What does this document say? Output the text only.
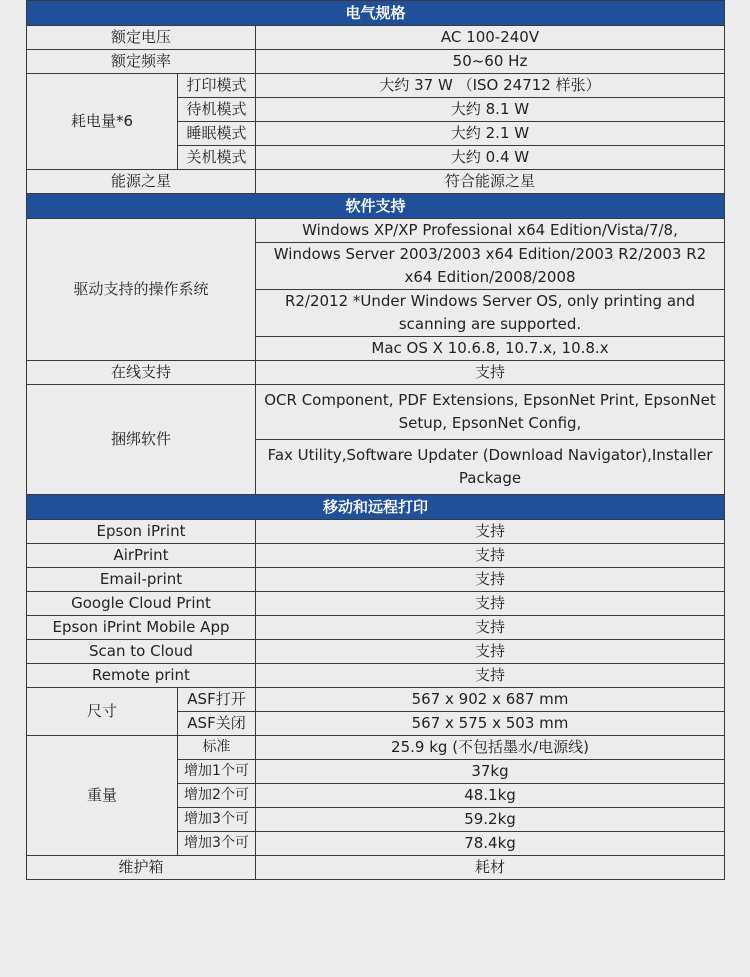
电气规格		
额定电压		AC 100-240V
额定频率		50~60 Hz
耗电量*6	打印模式	大约 37 W （ISO 24712 样张）
	待机模式	大约 8.1 W
	睡眠模式	大约 2.1 W
	关机模式	大约 0.4 W
能源之星		符合能源之星
软件支持		
驱动支持的操作系统		Windows XP/XP Professional x64 Edition/Vista/7/8,
		Windows Server 2003/2003 x64 Edition/2003 R2/2003 R2 x64 Edition/2008/2008
		R2/2012 *Under Windows Server OS, only printing and scanning are supported.
		Mac OS X 10.6.8, 10.7.x, 10.8.x
在线支持		支持
捆绑软件		OCR Component, PDF Extensions, EpsonNet Print, EpsonNet Setup, EpsonNet Config,
		Fax Utility,Software Updater (Download Navigator),Installer Package
移动和远程打印		
Epson iPrint		支持
AirPrint		支持
Email-print		支持
Google Cloud Print		支持
Epson iPrint Mobile App		支持
Scan to Cloud		支持
Remote print		支持
尺寸	ASF打开	567 x 902 x 687 mm
	ASF关闭	567 x 575 x 503 mm
重量	标准	25.9 kg (不包括墨水/电源线)
	增加1个可	37kg
	增加2个可	48.1kg
	增加3个可	59.2kg
	增加3个可	78.4kg
维护箱		耗材
